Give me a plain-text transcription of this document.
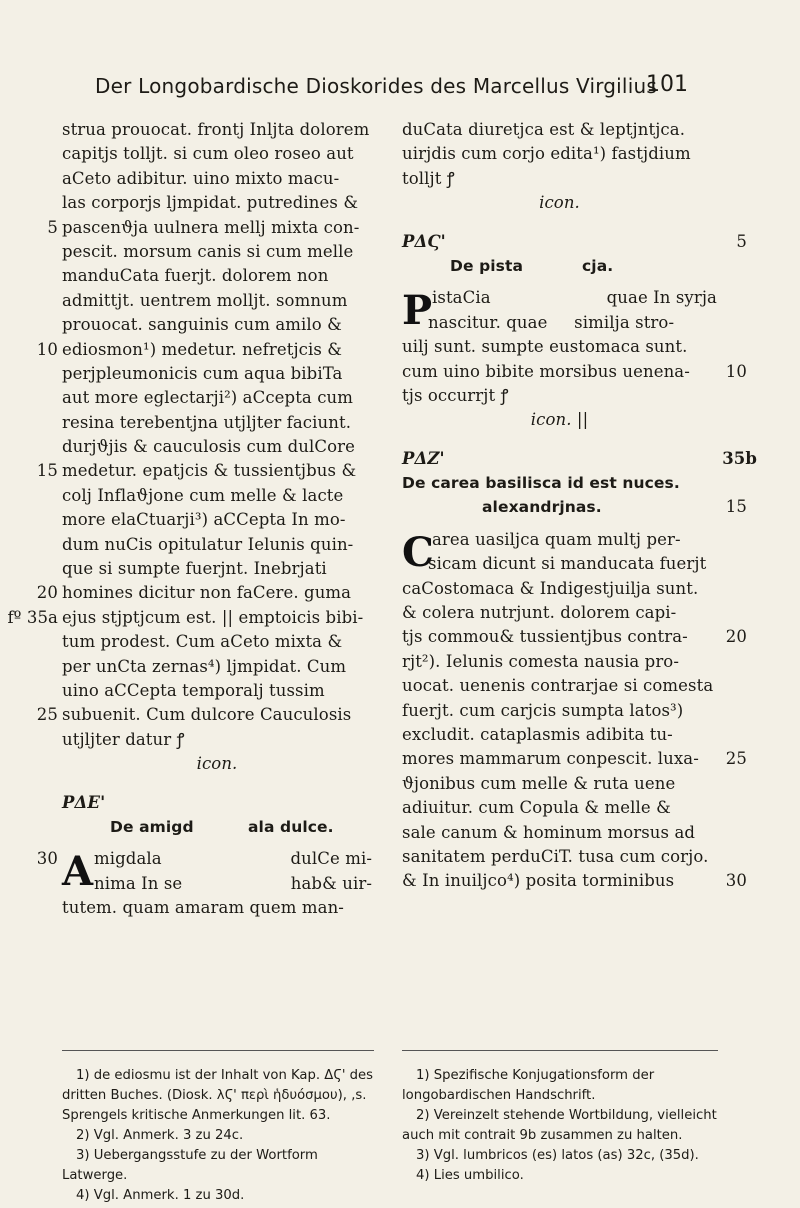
Der Longobardische Dioskorides des Marcellus Virgilius
101
strua prouocat. frontj Inljta dolorem
capitjs tolljt. si cum oleo roseo aut
aCeto adibitur. uino mixto macu-
las corporjs ljmpidat. putredines &
5 pascenϑja uulnera mellj mixta con-
pescit. morsum canis si cum melle
manduCata fuerjt. dolorem non
admittjt. uentrem molljt. somnum
prouocat. sanguinis cum amilo &
10 ediosmon¹) medetur. nefretjcis &
perjpleumonicis cum aqua bibiTa
aut more eglectarji²) aCcepta cum
resina terebentjna utjljter faciunt.
durjϑjis & cauculosis cum dulCore
15 medetur. epatjcis & tussientjbus &
colj Inflaϑjone cum melle & lacte
more elaCtuarji³) aCCepta In mo-
dum nuCis opitulatur Ielunis quin-
que si sumpte fuerjnt. Inebrjati
20 homines dicitur non faCere. guma
fº 35a ejus stjptjcum est. || emptoicis bibi-
tum prodest. Cum aCeto mixta &
per unCta zernas⁴) ljmpidat. Cum
uino aCCepta temporalj tussim
25 subuenit. Cum dulcore Cauculosis
utjljter datur ꝭ
icon.
PΔE'
De amigd	ala dulce.
30 A migdala	dulCe mi-
nima In se	hab& uir-
tutem. quam amaram quem man-
duCata diuretjca est & leptjntjca.
uirjdis cum corjo edita¹) fastjdium
tolljt ꝭ
icon.
PΔϚ'	5
De pista	cja.
P istaCia	quae In syrja
nascitur. quae     similja stro-
uilj sunt. sumpte eustomaca sunt.
cum uino bibite morsibus uenena-	10
tjs occurrjt ꝭ
icon. ||
PΔZ'	35b
De carea basilisca id est nuces.
alexandrjnas.	15
C
area uasiljca quam multj per-
sicam dicunt si manducata fuerjt
caCostomaca & Indigestjuilja sunt.
& colera nutrjunt. dolorem capi-
tjs commou& tussientjbus contra-	20
rjt²). Ielunis comesta nausia pro-
uocat. uenenis contrarjae si comesta
fuerjt. cum carjcis sumpta latos³)
excludit. cataplasmis adibita tu-
mores mammarum conpescit. luxa-	25
ϑjonibus cum melle & ruta uene
adiuitur. cum Copula & melle &
sale canum & hominum morsus ad
sanitatem perduCiT. tusa cum corjo.
& In inuiljco⁴) posita torminibus	30
1) de ediosmu ist der Inhalt von Kap. ΔϚ' des dritten Buches. (Diosk. λϚ' περὶ ἡδυόσμου), ‚s. Sprengels kritische Anmerkungen lit. 63.
2) Vgl. Anmerk. 3 zu 24c.
3) Uebergangsstufe zu der Wortform Latwerge.
4) Vgl. Anmerk. 1 zu 30d.
1) Spezifische Konjugationsform der longobardischen Handschrift.
2) Vereinzelt stehende Wortbildung, vielleicht auch mit contrait 9b zusammen zu halten.
3) Vgl. lumbricos (es) latos (as) 32c, (35d).
4) Lies umbilico.
